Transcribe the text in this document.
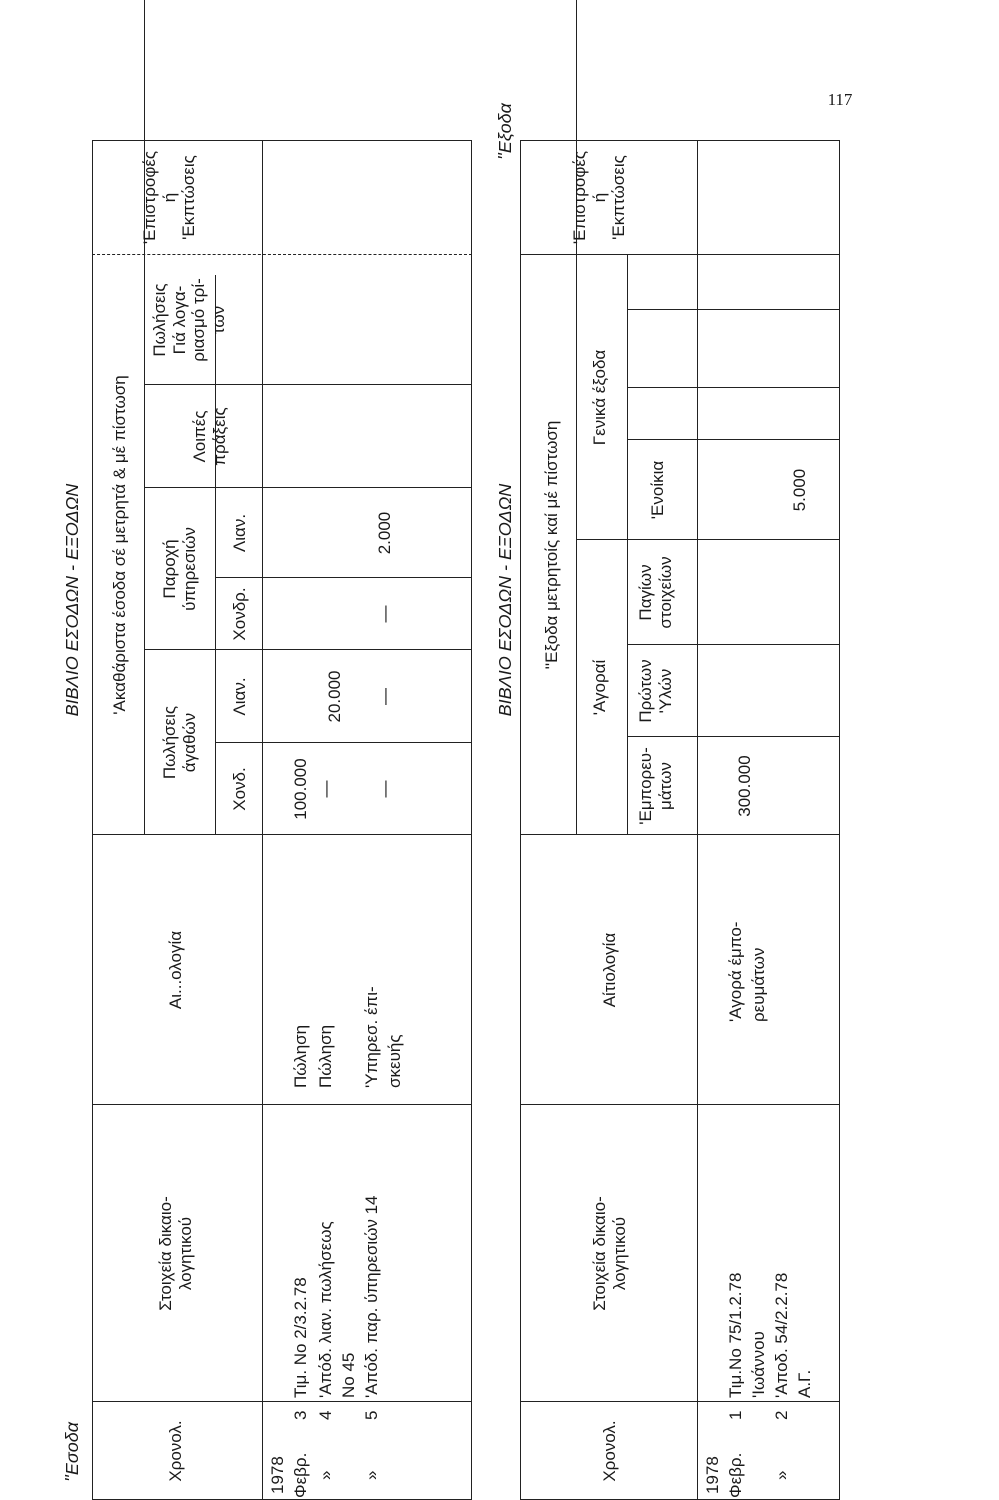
117
''Εσοδα
ΒΙΒΛΙΟ ΕΣΟΔΩΝ - ΕΞΟΔΩΝ
Χρονολ.
Στοιχεία δικαιο- λογητικού
Αι...ολογία
'Ακαθάριστα έσοδα σέ μετρητά & μέ πίστωση
Πωλήσεις άγαθών
Χονδ.
Λιαν.
Παροχή ύπηρεσιών
Χονδρ.
Λιαν.
Λοιπές πράξεις
Πωλήσεις Γιά λογα- ριασμό τρί- των
'Επιστροφές ή 'Εκπτώσεις
1978 Φεβρ.
3
Τιμ. Νο 2/3.2.78
Πώληση
100.000
»
4
'Απόδ. λιαν. πωλήσεως Νο 45
Πώληση
—
20.000
»
5
'Απόδ. παρ. ύπηρεσιών 14
'Υπηρεσ. έπι- σκευής
—
—
—
2.000
''Εξοδα
ΒΙΒΛΙΟ ΕΣΟΔΩΝ - ΕΞΟΔΩΝ
Χρονολ.
Στοιχεία δικαιο- λογητικού
Αίτιολογία
''Εξοδα μετρητοίς καί μέ πίστωση
'Αγοραί
'Εμπορευ- μάτων
Πρώτων 'Υλών
Παγίων στοιχείων
Γενικά έξοδα
'Ενοίκια
'Επιστροφές ή 'Εκπτώσεις
1978 Φεβρ.
1
Τιμ.Νο 75/1.2.78 'Ιωάννου
'Αγορά έμπο- ρευμάτων
300.000
»
2
'Αποδ. 54/2.2.78 Α.Γ.
5.000
